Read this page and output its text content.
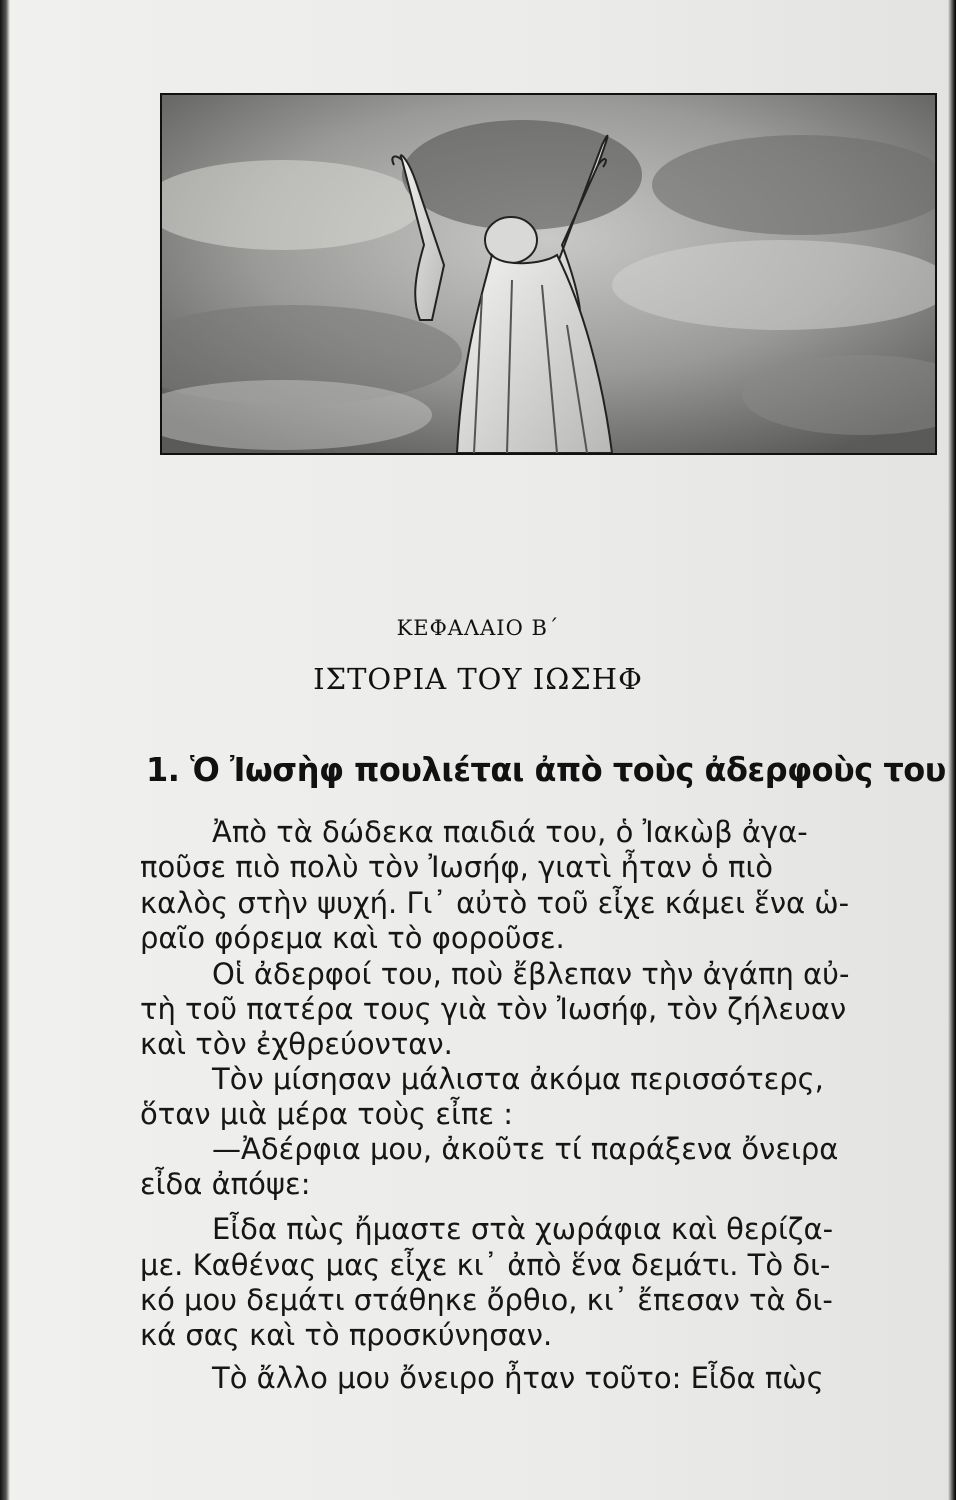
ΚΕΦΑΛΑΙΟ Β΄
ΙΣΤΟΡΙΑ ΤΟΥ ΙΩΣΗΦ
1. Ὁ Ἰωσὴφ πουλιέται ἀπὸ τοὺς ἀδερφοὺς του
Ἀπὸ τὰ δώδεκα παιδιά του, ὁ Ἰακὼβ ἀγα-
ποῦσε πιὸ πολὺ τὸν Ἰωσήφ, γιατὶ ἦταν ὁ πιὸ
καλὸς στὴν ψυχή. Γι᾽ αὐτὸ τοῦ εἶχε κάμει ἕνα ὡ-
ραῖο φόρεμα καὶ τὸ φοροῦσε.
Οἱ ἀδερφοί του, ποὺ ἔβλεπαν τὴν ἀγάπη αὐ-
τὴ τοῦ πατέρα τους γιὰ τὸν Ἰωσήφ, τὸν ζήλευαν
καὶ τὸν ἐχθρεύονταν.
Τὸν μίσησαν μάλιστα ἀκόμα περισσότερς,
ὅταν μιὰ μέρα τοὺς εἶπε :
—Ἀδέρφια μου, ἀκοῦτε τί παράξενα ὄνειρα
εἶδα ἀπόψε:
Εἶδα πὼς ἤμαστε στὰ χωράφια καὶ θερίζα-
με. Καθένας μας εἶχε κι᾽ ἀπὸ ἕνα δεμάτι. Τὸ δι-
κό μου δεμάτι στάθηκε ὄρθιο, κι᾽ ἔπεσαν τὰ δι-
κά σας καὶ τὸ προσκύνησαν.
Τὸ ἄλλο μου ὄνειρο ἦταν τοῦτο: Εἶδα πὼς
